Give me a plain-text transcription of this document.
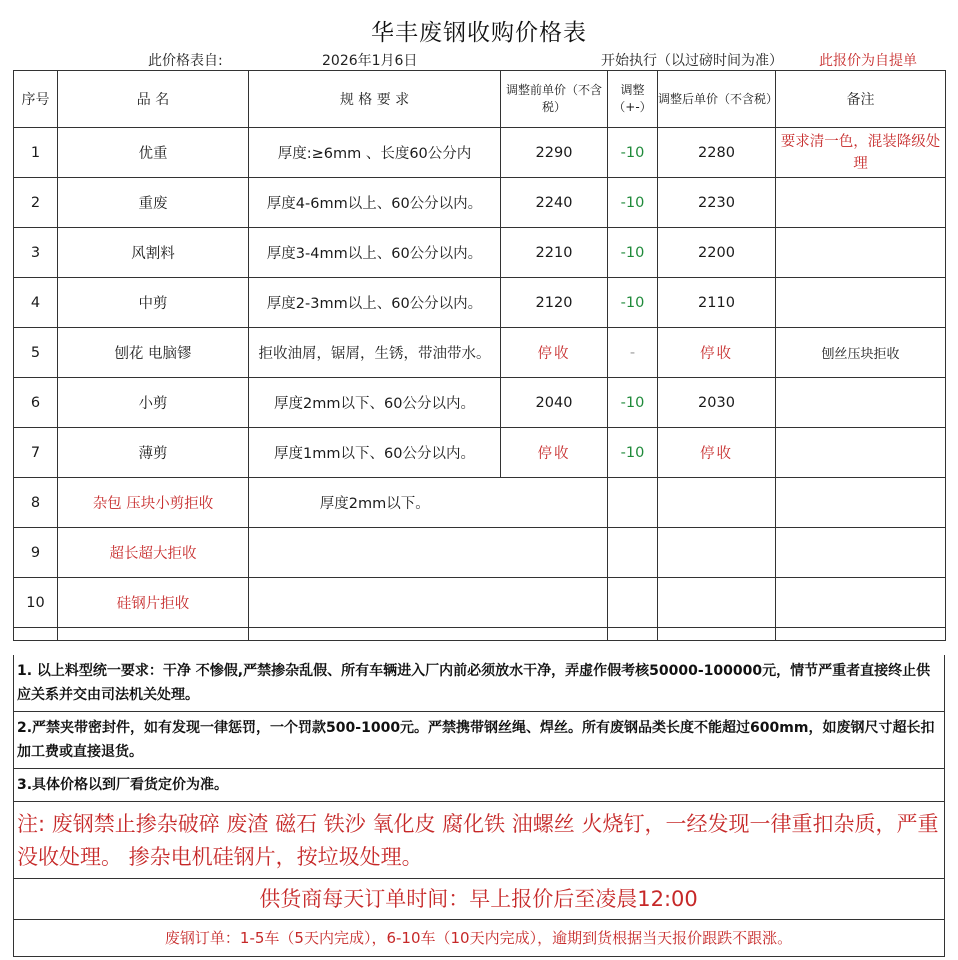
华丰废钢收购价格表
此价格表自:	2026年1月6日	开始执行（以过磅时间为准）	此报价为自提单
序号	品 名	规 格 要 求	调整前单价（不含税）	调整（+-）	调整后单价（不含税）	备注
1	优重	厚度:≥6mm 、长度60公分内	2290	-10	2280	要求清一色，混装降级处理
2	重废	厚度4-6mm以上、60公分以内。	2240	-10	2230	
3	风割料	厚度3-4mm以上、60公分以内。	2210	-10	2200	
4	中剪	厚度2-3mm以上、60公分以内。	2120	-10	2110	
5	刨花 电脑镠	拒收油屑，锯屑，生锈，带油带水。	停收	-	停收	刨丝压块拒收
6	小剪	厚度2mm以下、60公分以内。	2040	-10	2030	
7	薄剪	厚度1mm以下、60公分以内。	停收	-10	停收	
8	杂包 压块小剪拒收	厚度2mm以下。				
9	超长超大拒收					
10	硅钢片拒收					

1. 以上料型统一要求：干净 不惨假,严禁掺杂乱假、所有车辆进入厂内前必须放水干净，弄虚作假考核50000-100000元，情节严重者直接终止供应关系并交由司法机关处理。
2.严禁夹带密封件，如有发现一律惩罚，一个罚款500-1000元。严禁携带钢丝绳、焊丝。所有废钢品类长度不能超过600mm，如废钢尺寸超长扣加工费或直接退货。
3.具体价格以到厂看货定价为准。
注: 废钢禁止掺杂破碎 废渣 磁石 铁沙 氧化皮 腐化铁 油螺丝 火烧钉，一经发现一律重扣杂质，严重没收处理。 掺杂电机硅钢片，按垃圾处理。
供货商每天订单时间：早上报价后至凌晨12:00
废钢订单：1-5车（5天内完成），6-10车（10天内完成），逾期到货根据当天报价跟跌不跟涨。
